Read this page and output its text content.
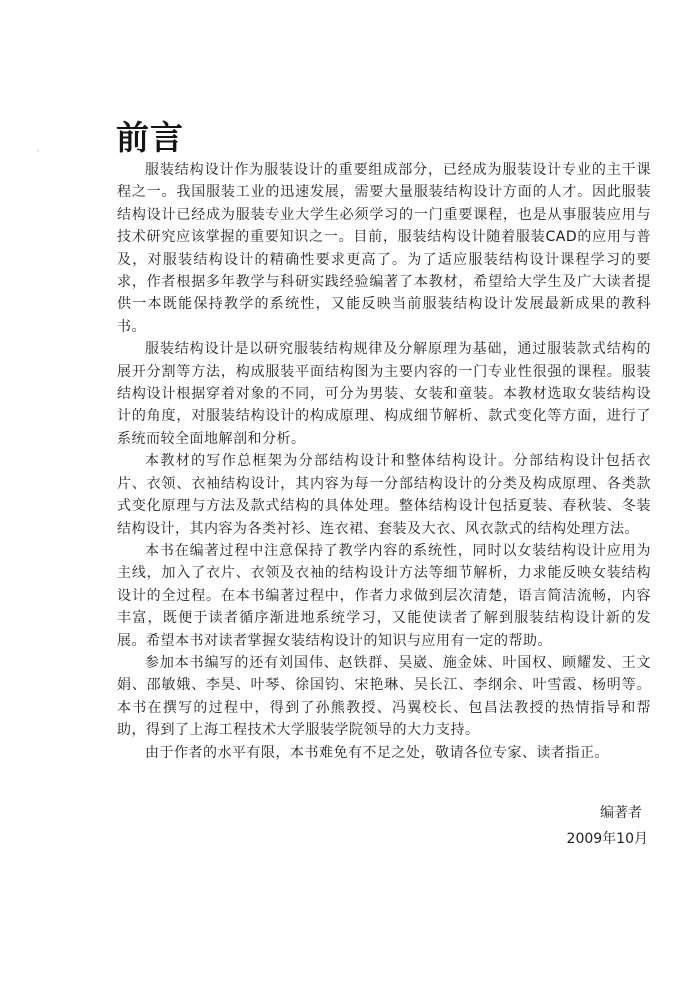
前言

服装结构设计作为服装设计的重要组成部分，已经成为服装设计专业的主干课程之一。我国服装工业的迅速发展，需要大量服装结构设计方面的人才。因此服装结构设计已经成为服装专业大学生必须学习的一门重要课程，也是从事服装应用与技术研究应该掌握的重要知识之一。目前，服装结构设计随着服装CAD的应用与普及，对服装结构设计的精确性要求更高了。为了适应服装结构设计课程学习的要求，作者根据多年教学与科研实践经验编著了本教材，希望给大学生及广大读者提供一本既能保持教学的系统性，又能反映当前服装结构设计发展最新成果的教科书。

服装结构设计是以研究服装结构规律及分解原理为基础，通过服装款式结构的展开分割等方法，构成服装平面结构图为主要内容的一门专业性很强的课程。服装结构设计根据穿着对象的不同，可分为男装、女装和童装。本教材选取女装结构设计的角度，对服装结构设计的构成原理、构成细节解析、款式变化等方面，进行了系统而较全面地解剖和分析。

本教材的写作总框架为分部结构设计和整体结构设计。分部结构设计包括衣片、衣领、衣袖结构设计，其内容为每一分部结构设计的分类及构成原理、各类款式变化原理与方法及款式结构的具体处理。整体结构设计包括夏装、春秋装、冬装结构设计，其内容为各类衬衫、连衣裙、套装及大衣、风衣款式的结构处理方法。

本书在编著过程中注意保持了教学内容的系统性，同时以女装结构设计应用为主线，加入了衣片、衣领及衣袖的结构设计方法等细节解析，力求能反映女装结构设计的全过程。在本书编著过程中，作者力求做到层次清楚，语言简洁流畅，内容丰富，既便于读者循序渐进地系统学习，又能使读者了解到服装结构设计新的发展。希望本书对读者掌握女装结构设计的知识与应用有一定的帮助。

参加本书编写的还有刘国伟、赵铁群、吴崴、施金妹、叶国权、顾耀发、王文娟、邵敏娥、李昊、叶琴、徐国钧、宋艳琳、吴长江、李纲余、叶雪霞、杨明等。本书在撰写的过程中，得到了孙熊教授、冯翼校长、包昌法教授的热情指导和帮助，得到了上海工程技术大学服装学院领导的大力支持。

由于作者的水平有限，本书难免有不足之处，敬请各位专家、读者指正。

编著者
2009年10月
